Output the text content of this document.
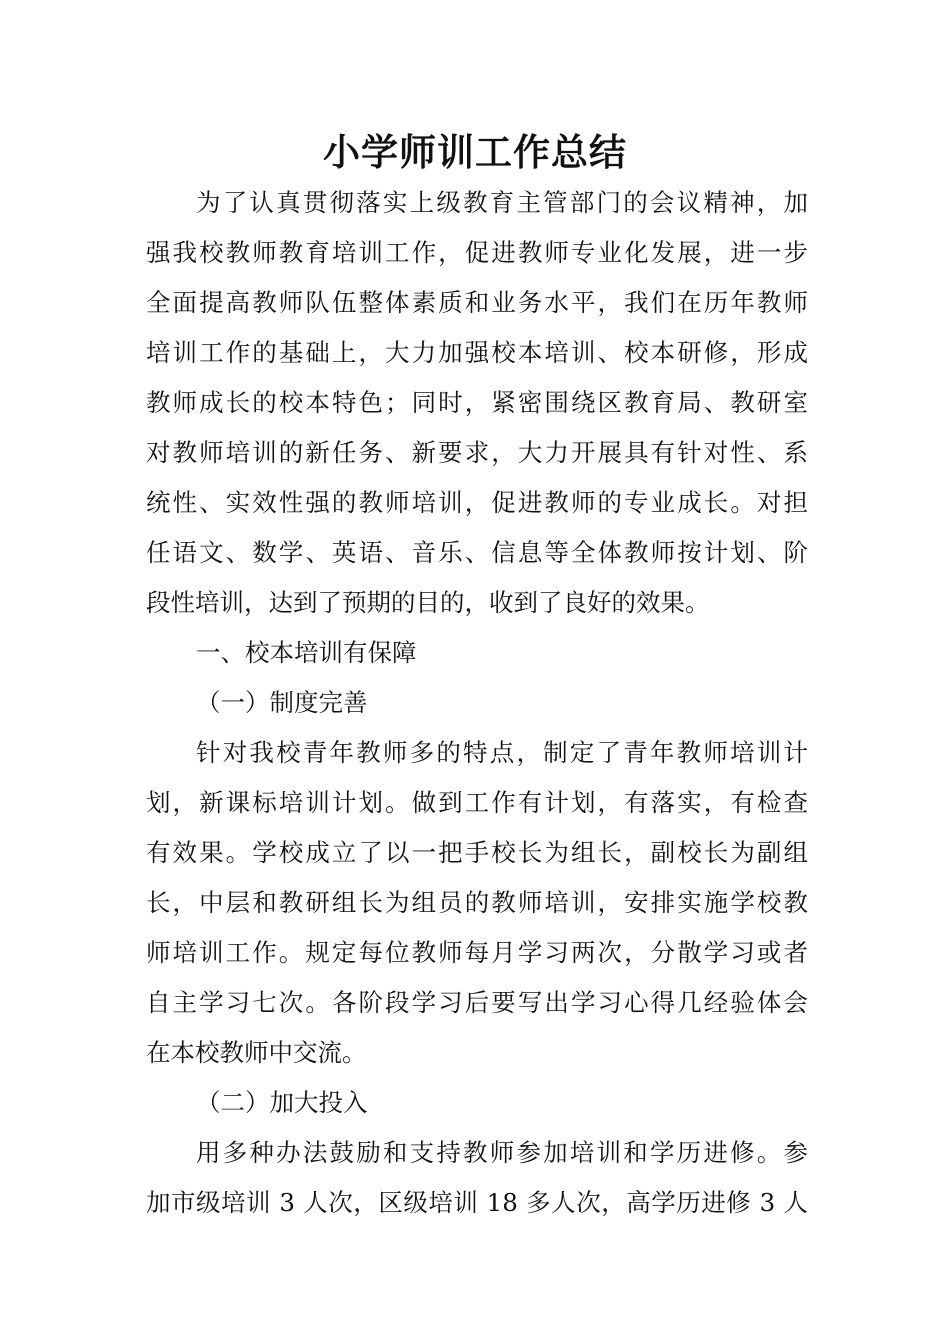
小学师训工作总结
为了认真贯彻落实上级教育主管部门的会议精神，加
强我校教师教育培训工作，促进教师专业化发展，进一步
全面提高教师队伍整体素质和业务水平，我们在历年教师
培训工作的基础上，大力加强校本培训、校本研修，形成
教师成长的校本特色；同时，紧密围绕区教育局、教研室
对教师培训的新任务、新要求，大力开展具有针对性、系
统性、实效性强的教师培训，促进教师的专业成长。对担
任语文、数学、英语、音乐、信息等全体教师按计划、阶
段性培训，达到了预期的目的，收到了良好的效果。
一、校本培训有保障
（一）制度完善
针对我校青年教师多的特点，制定了青年教师培训计
划，新课标培训计划。做到工作有计划，有落实，有检查
有效果。学校成立了以一把手校长为组长，副校长为副组
长，中层和教研组长为组员的教师培训，安排实施学校教
师培训工作。规定每位教师每月学习两次，分散学习或者
自主学习七次。各阶段学习后要写出学习心得几经验体会
在本校教师中交流。
（二）加大投入
用多种办法鼓励和支持教师参加培训和学历进修。参
加市级培训 3 人次，区级培训 18 多人次，高学历进修 3 人
